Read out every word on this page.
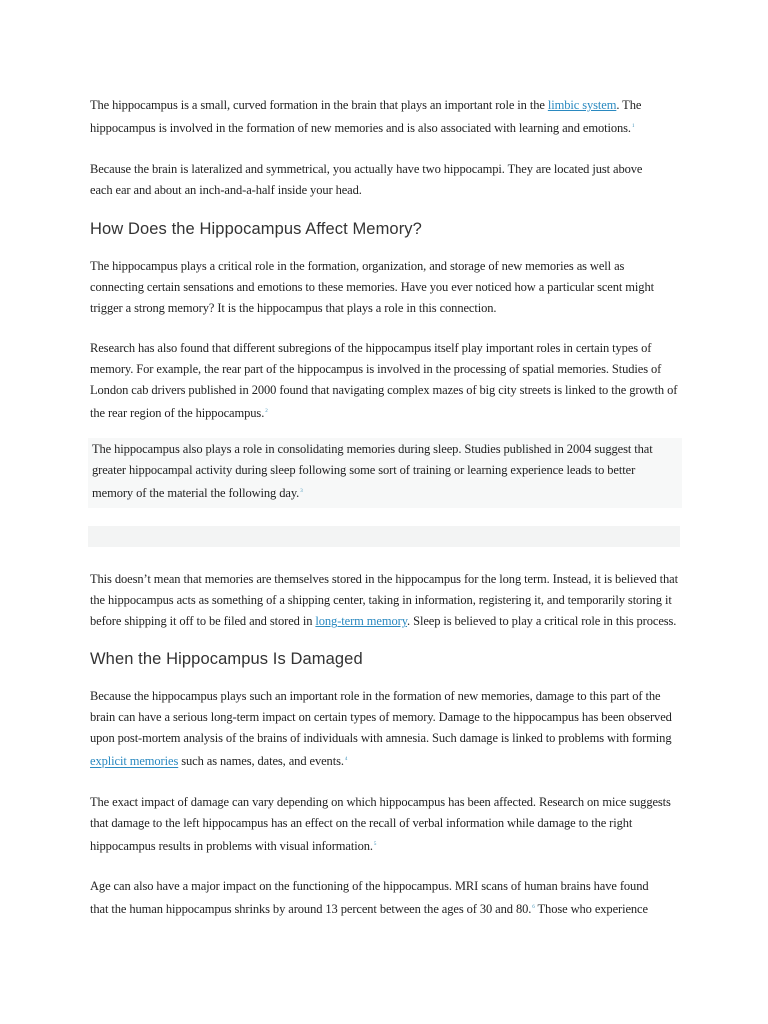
The hippocampus is a small, curved formation in the brain that plays an important role in the limbic system. The hippocampus is involved in the formation of new memories and is also associated with learning and emotions.$^1$

Because the brain is lateralized and symmetrical, you actually have two hippocampi. They are located just above each ear and about an inch-and-a-half inside your head.

How Does the Hippocampus Affect Memory?

The hippocampus plays a critical role in the formation, organization, and storage of new memories as well as connecting certain sensations and emotions to these memories. Have you ever noticed how a particular scent might trigger a strong memory? It is the hippocampus that plays a role in this connection.

Research has also found that different subregions of the hippocampus itself play important roles in certain types of memory. For example, the rear part of the hippocampus is involved in the processing of spatial memories. Studies of London cab drivers published in 2000 found that navigating complex mazes of big city streets is linked to the growth of the rear region of the hippocampus.$^2$

The hippocampus also plays a role in consolidating memories during sleep. Studies published in 2004 suggest that greater hippocampal activity during sleep following some sort of training or learning experience leads to better memory of the material the following day.$^3$

This doesn’t mean that memories are themselves stored in the hippocampus for the long term. Instead, it is believed that the hippocampus acts as something of a shipping center, taking in information, registering it, and temporarily storing it before shipping it off to be filed and stored in long-term memory. Sleep is believed to play a critical role in this process.

When the Hippocampus Is Damaged

Because the hippocampus plays such an important role in the formation of new memories, damage to this part of the brain can have a serious long-term impact on certain types of memory. Damage to the hippocampus has been observed upon post-mortem analysis of the brains of individuals with amnesia. Such damage is linked to problems with forming explicit memories such as names, dates, and events.$^4$

The exact impact of damage can vary depending on which hippocampus has been affected. Research on mice suggests that damage to the left hippocampus has an effect on the recall of verbal information while damage to the right hippocampus results in problems with visual information.$^5$

Age can also have a major impact on the functioning of the hippocampus. MRI scans of human brains have found that the human hippocampus shrinks by around 13 percent between the ages of 30 and 80.$^6$ Those who experience
